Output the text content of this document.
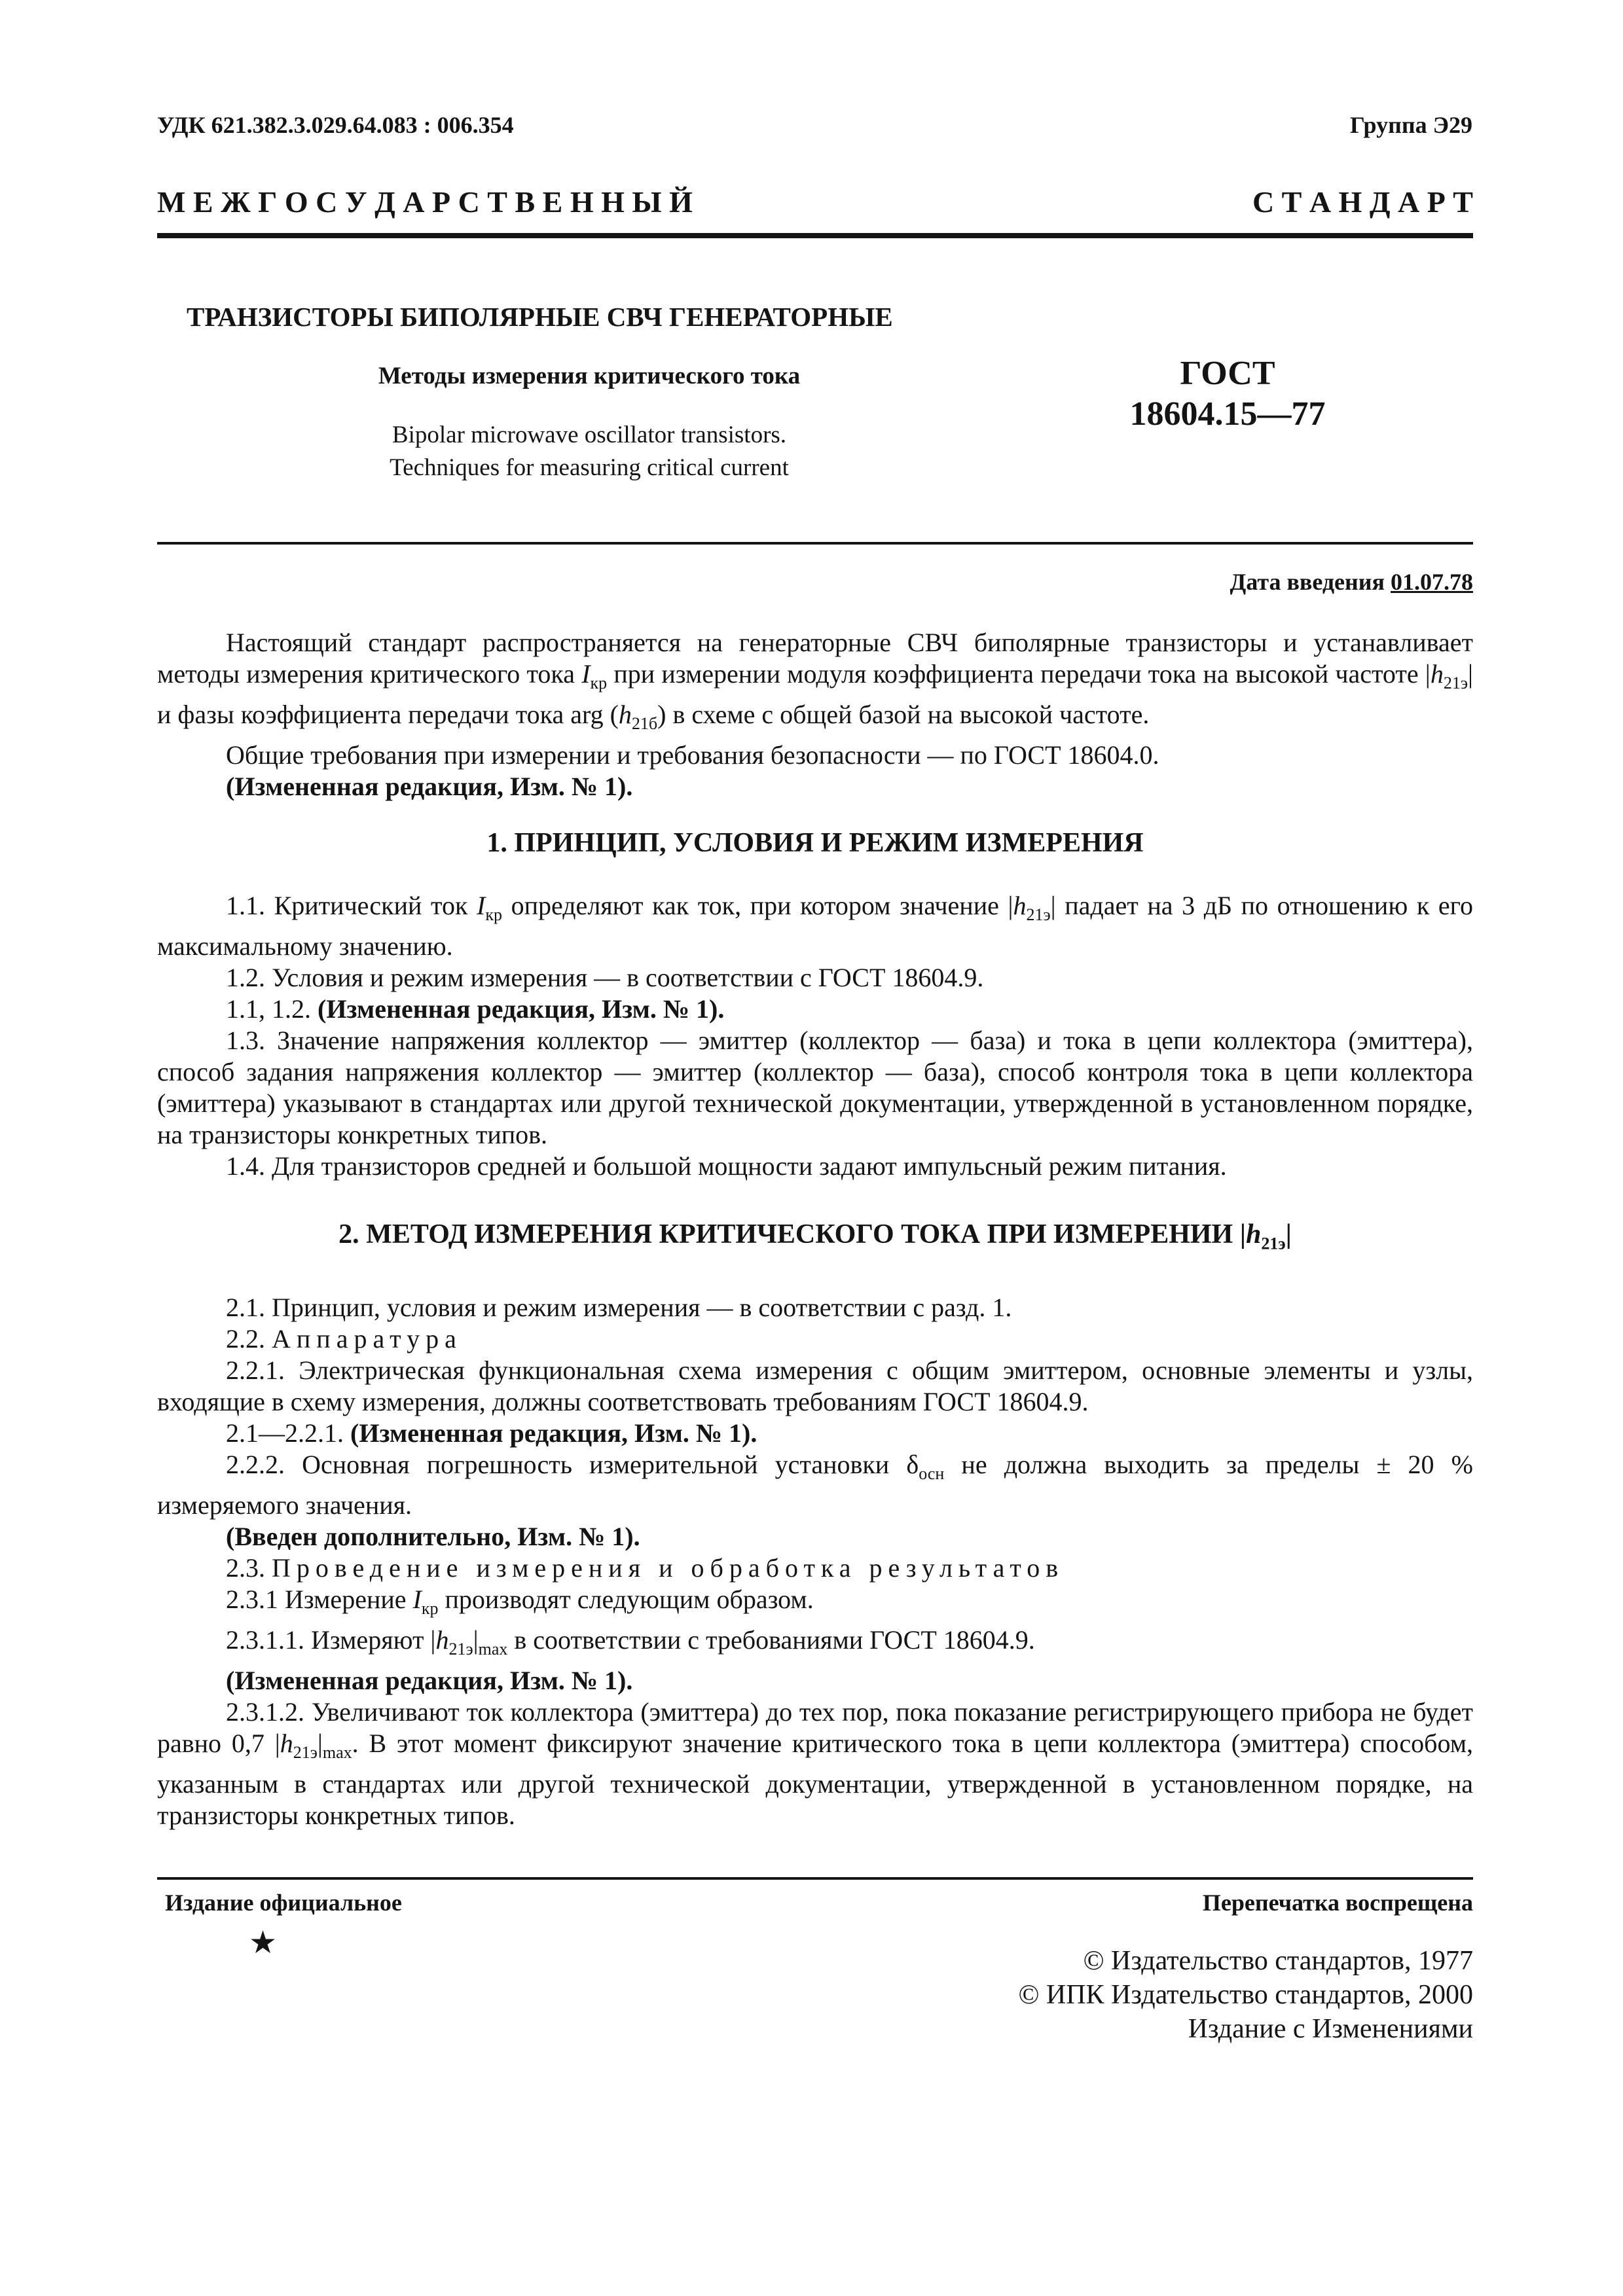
УДК 621.382.3.029.64.083 : 006.354	Группа Э29
М Е Ж Г О С У Д А Р С Т В Е Н Н Ы Й	С Т А Н Д А Р Т
ТРАНЗИСТОРЫ БИПОЛЯРНЫЕ СВЧ ГЕНЕРАТОРНЫЕ
Методы измерения критического тока
Bipolar microwave oscillator transistors.
Techniques for measuring critical current
ГОСТ
18604.15—77
Дата введения 01.07.78

Настоящий стандарт распространяется на генераторные СВЧ биполярные транзисторы и устанавливает методы измерения критического тока $I_{кр}$ при измерении модуля коэффициента передачи тока на высокой частоте $|h_{21э}|$ и фазы коэффициента передачи тока arg $(h_{21б})$ в схеме с общей базой на высокой частоте.

Общие требования при измерении и требования безопасности — по ГОСТ 18604.0.

(Измененная редакция, Изм. № 1).

1. ПРИНЦИП, УСЛОВИЯ И РЕЖИМ ИЗМЕРЕНИЯ

1.1. Критический ток $I_{кр}$ определяют как ток, при котором значение $|h_{21э}|$ падает на 3 дБ по отношению к его максимальному значению.

1.2. Условия и режим измерения — в соответствии с ГОСТ 18604.9.

1.1, 1.2. (Измененная редакция, Изм. № 1).

1.3. Значение напряжения коллектор — эмиттер (коллектор — база) и тока в цепи коллектора (эмиттера), способ задания напряжения коллектор — эмиттер (коллектор — база), способ контроля тока в цепи коллектора (эмиттера) указывают в стандартах или другой технической документации, утвержденной в установленном порядке, на транзисторы конкретных типов.

1.4. Для транзисторов средней и большой мощности задают импульсный режим питания.

2. МЕТОД ИЗМЕРЕНИЯ КРИТИЧЕСКОГО ТОКА ПРИ ИЗМЕРЕНИИ $|h_{21э}|$

2.1. Принцип, условия и режим измерения — в соответствии с разд. 1.

2.2. Аппаратура

2.2.1. Электрическая функциональная схема измерения с общим эмиттером, основные элементы и узлы, входящие в схему измерения, должны соответствовать требованиям ГОСТ 18604.9.

2.1—2.2.1. (Измененная редакция, Изм. № 1).

2.2.2. Основная погрешность измерительной установки $\delta_{осн}$ не должна выходить за пределы ± 20 % измеряемого значения.

(Введен дополнительно, Изм. № 1).

2.3. Проведение измерения и обработка результатов

2.3.1 Измерение $I_{кр}$ производят следующим образом.

2.3.1.1. Измеряют $|h_{21э}|_{max}$ в соответствии с требованиями ГОСТ 18604.9.

(Измененная редакция, Изм. № 1).

2.3.1.2. Увеличивают ток коллектора (эмиттера) до тех пор, пока показание регистрирующего прибора не будет равно 0,7 $|h_{21э}|_{max}$. В этот момент фиксируют значение критического тока в цепи коллектора (эмиттера) способом, указанным в стандартах или другой технической документации, утвержденной в установленном порядке, на транзисторы конкретных типов.

Издание официальное	Перепечатка воспрещена
★
© Издательство стандартов, 1977
© ИПК Издательство стандартов, 2000
Издание с Изменениями
